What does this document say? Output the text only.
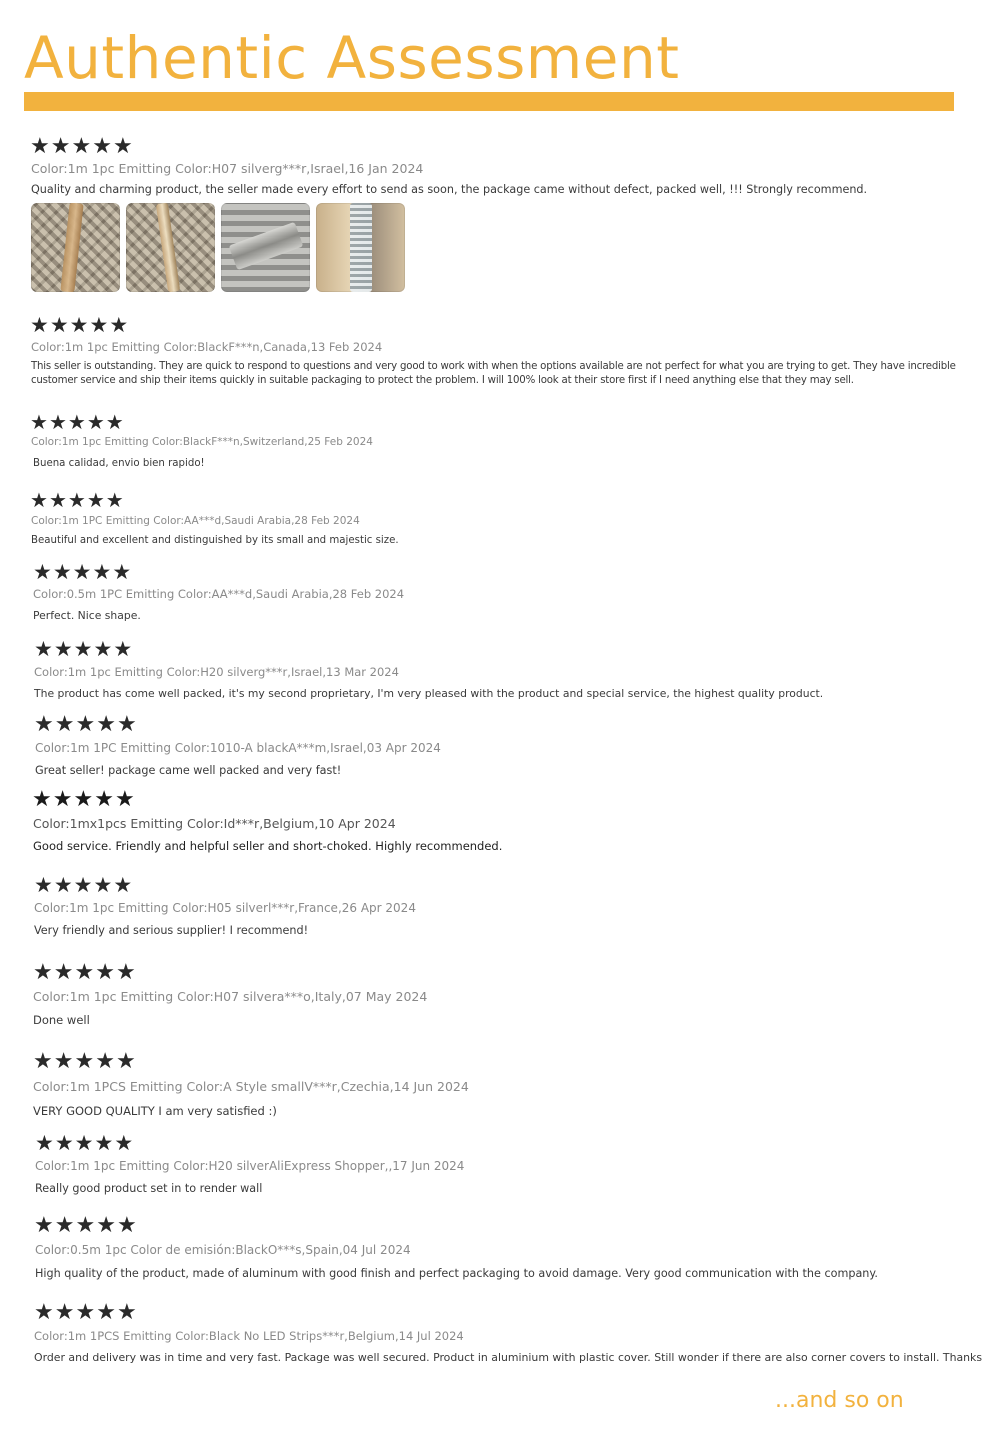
Authentic Assessment
★ ★ ★ ★ ★
Color:1m 1pc Emitting Color:H07 silverg***r,Israel,16 Jan 2024
Quality and charming product, the seller made every effort to send as soon, the package came without defect, packed well, !!! Strongly recommend.
★ ★ ★ ★ ★
Color:1m 1pc Emitting Color:BlackF***n,Canada,13 Feb 2024
This seller is outstanding. They are quick to respond to questions and very good to work with when the options available are not perfect for what you are trying to get. They have incredible customer service and ship their items quickly in suitable packaging to protect the problem. I will 100% look at their store first if I need anything else that they may sell.
★ ★ ★ ★ ★
Color:1m 1pc Emitting Color:BlackF***n,Switzerland,25 Feb 2024
Buena calidad, envio bien rapido!
★ ★ ★ ★ ★
Color:1m 1PC Emitting Color:AA***d,Saudi Arabia,28 Feb 2024
Beautiful and excellent and distinguished by its small and majestic size.
★ ★ ★ ★ ★
Color:0.5m 1PC Emitting Color:AA***d,Saudi Arabia,28 Feb 2024
Perfect. Nice shape.
★ ★ ★ ★ ★
Color:1m 1pc Emitting Color:H20 silverg***r,Israel,13 Mar 2024
The product has come well packed, it's my second proprietary, I'm very pleased with the product and special service, the highest quality product.
★ ★ ★ ★ ★
Color:1m 1PC Emitting Color:1010-A blackA***m,Israel,03 Apr 2024
Great seller! package came well packed and very fast!
★ ★ ★ ★ ★
Color:1mx1pcs Emitting Color:Id***r,Belgium,10 Apr 2024
Good service. Friendly and helpful seller and short-choked. Highly recommended.
★ ★ ★ ★ ★
Color:1m 1pc Emitting Color:H05 silverl***r,France,26 Apr 2024
Very friendly and serious supplier! I recommend!
★ ★ ★ ★ ★
Color:1m 1pc Emitting Color:H07 silvera***o,Italy,07 May 2024
Done well
★ ★ ★ ★ ★
Color:1m 1PCS Emitting Color:A Style smallV***r,Czechia,14 Jun 2024
VERY GOOD QUALITY I am very satisfied :)
★ ★ ★ ★ ★
Color:1m 1pc Emitting Color:H20 silverAliExpress Shopper,,17 Jun 2024
Really good product set in to render wall
★ ★ ★ ★ ★
Color:0.5m 1pc Color de emisión:BlackO***s,Spain,04 Jul 2024
High quality of the product, made of aluminum with good finish and perfect packaging to avoid damage. Very good communication with the company.
★ ★ ★ ★ ★
Color:1m 1PCS Emitting Color:Black No LED Strips***r,Belgium,14 Jul 2024
Order and delivery was in time and very fast. Package was well secured. Product in aluminium with plastic cover. Still wonder if there are also corner covers to install. Thanks
...and so on
